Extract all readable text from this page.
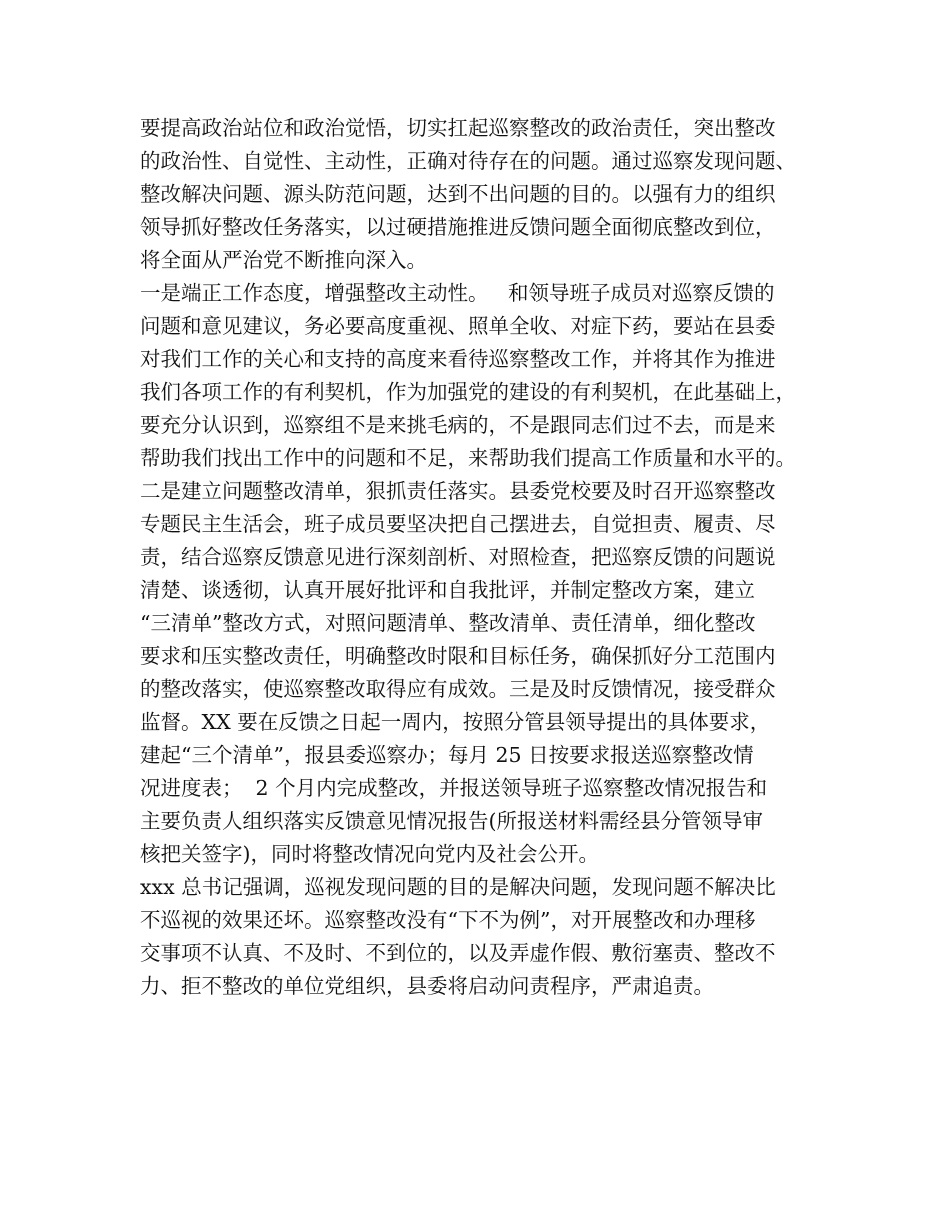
要提高政治站位和政治觉悟，切实扛起巡察整改的政治责任，突出整改
的政治性、自觉性、主动性，正确对待存在的问题。通过巡察发现问题、
整改解决问题、源头防范问题，达到不出问题的目的。以强有力的组织
领导抓好整改任务落实，以过硬措施推进反馈问题全面彻底整改到位，
将全面从严治党不断推向深入。
一是端正工作态度，增强整改主动性。   和领导班子成员对巡察反馈的
问题和意见建议，务必要高度重视、照单全收、对症下药，要站在县委
对我们工作的关心和支持的高度来看待巡察整改工作，并将其作为推进
我们各项工作的有利契机，作为加强党的建设的有利契机，在此基础上，
要充分认识到，巡察组不是来挑毛病的，不是跟同志们过不去，而是来
帮助我们找出工作中的问题和不足，来帮助我们提高工作质量和水平的。
二是建立问题整改清单，狠抓责任落实。县委党校要及时召开巡察整改
专题民主生活会，班子成员要坚决把自己摆进去，自觉担责、履责、尽
责，结合巡察反馈意见进行深刻剖析、对照检查，把巡察反馈的问题说
清楚、谈透彻，认真开展好批评和自我批评，并制定整改方案，建立
“三清单”整改方式，对照问题清单、整改清单、责任清单，细化整改
要求和压实整改责任，明确整改时限和目标任务，确保抓好分工范围内
的整改落实，使巡察整改取得应有成效。三是及时反馈情况，接受群众
监督。XX 要在反馈之日起一周内，按照分管县领导提出的具体要求，
建起“三个清单”，报县委巡察办；每月 25 日按要求报送巡察整改情
况进度表；  2 个月内完成整改，并报送领导班子巡察整改情况报告和
主要负责人组织落实反馈意见情况报告(所报送材料需经县分管领导审
核把关签字)，同时将整改情况向党内及社会公开。
xxx 总书记强调，巡视发现问题的目的是解决问题，发现问题不解决比
不巡视的效果还坏。巡察整改没有“下不为例”，对开展整改和办理移
交事项不认真、不及时、不到位的，以及弄虚作假、敷衍塞责、整改不
力、拒不整改的单位党组织，县委将启动问责程序，严肃追责。
